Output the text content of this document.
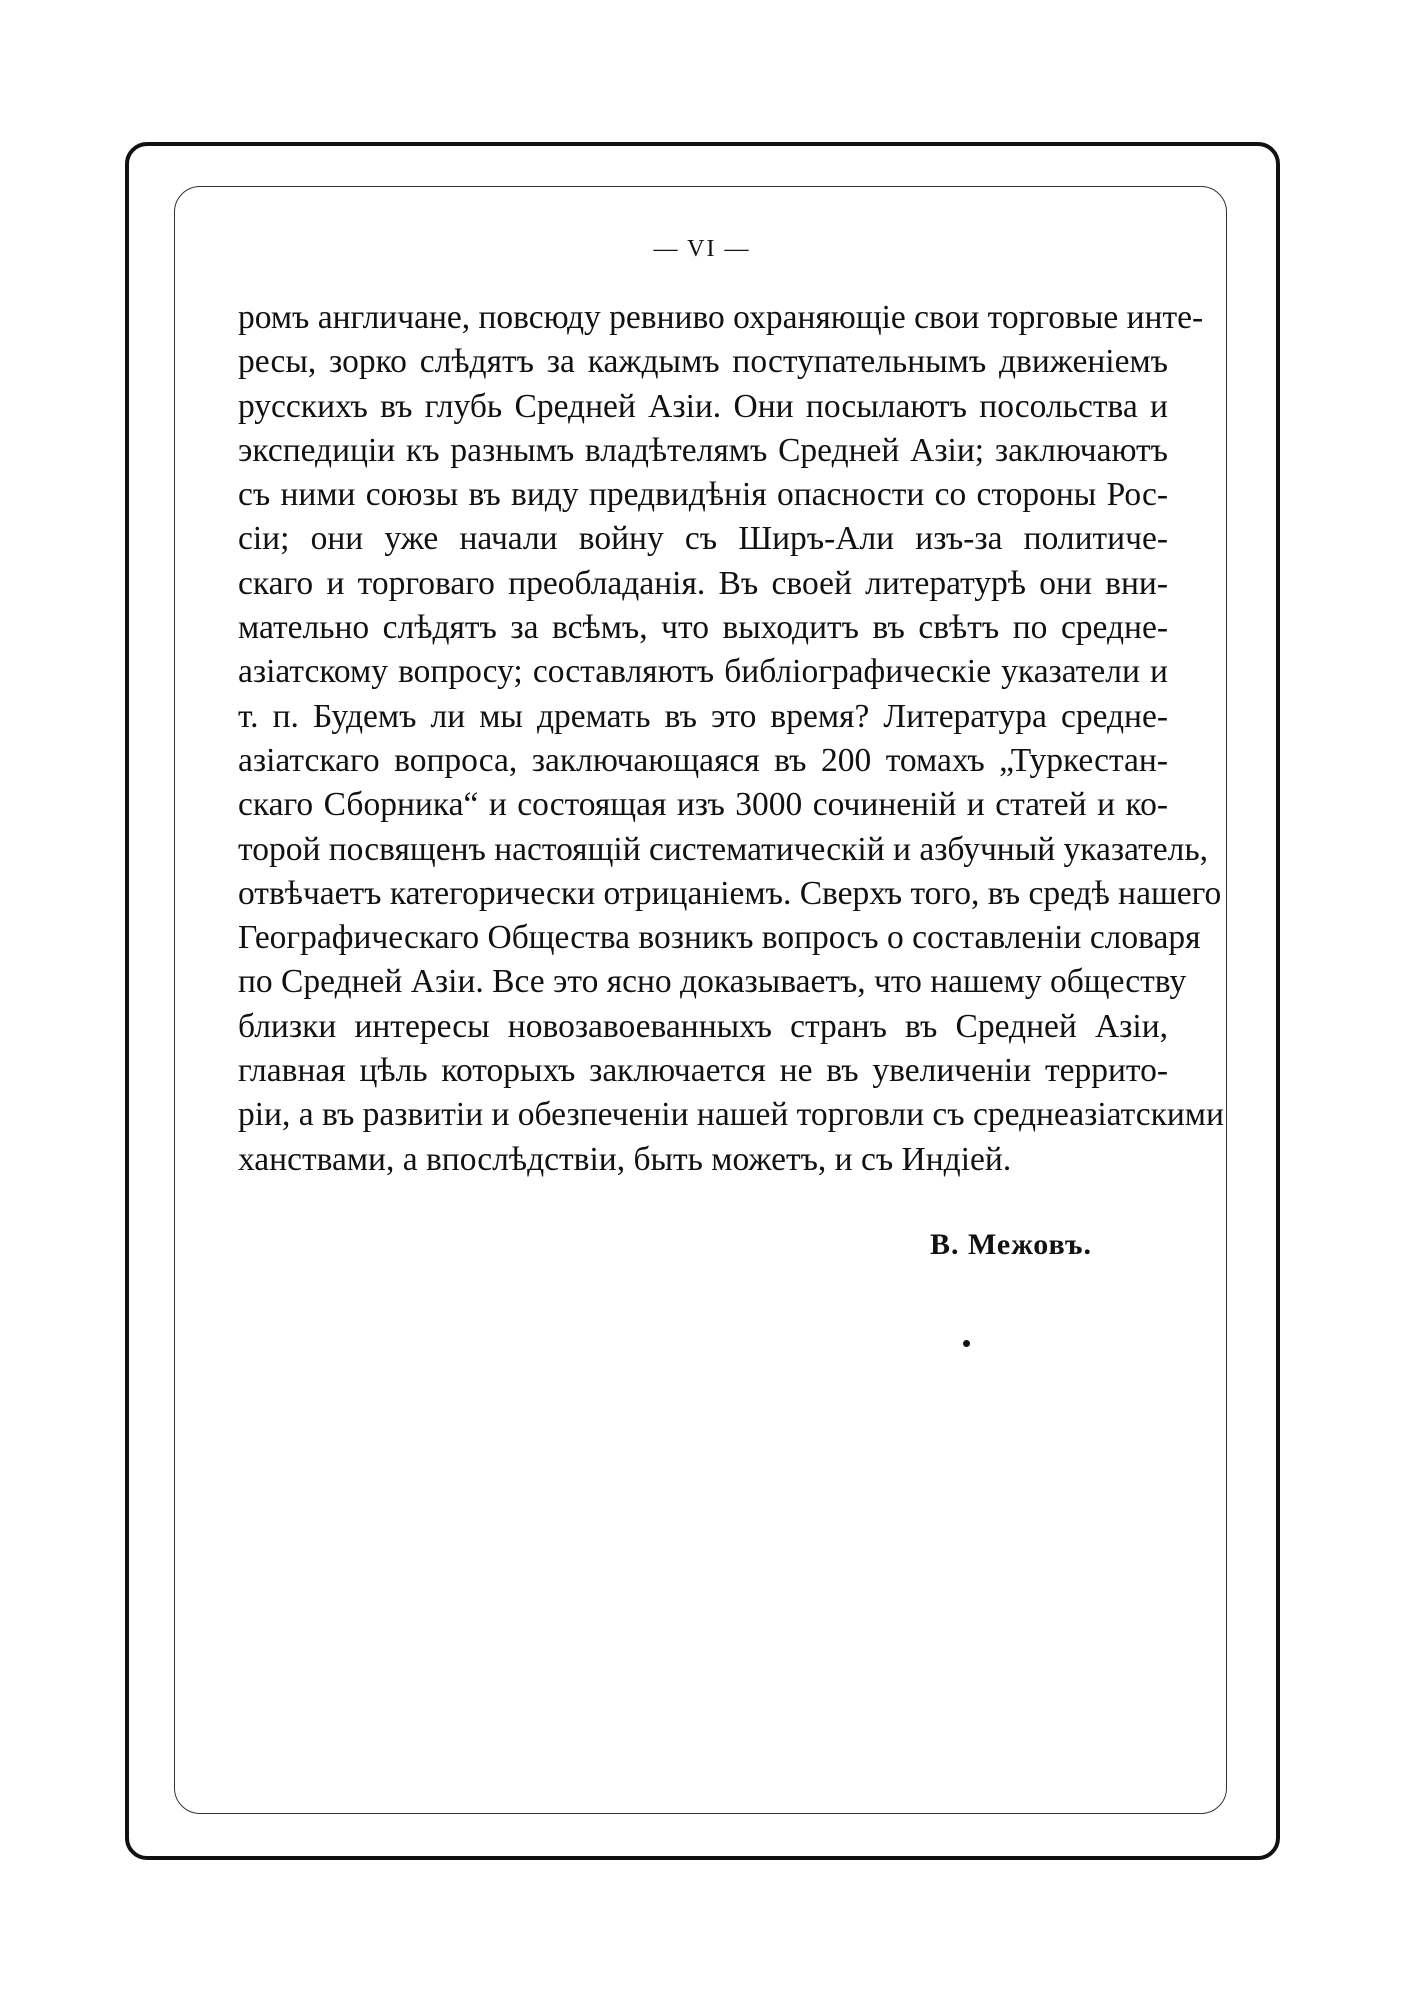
— VI —
ромъ англичане, повсюду ревниво охраняющіе свои торговые инте-
ресы, зорко слѣдятъ за каждымъ поступательнымъ движеніемъ
русскихъ въ глубь Средней Азіи. Они посылаютъ посольства и
экспедиціи къ разнымъ владѣтелямъ Средней Азіи; заключаютъ
съ ними союзы въ виду предвидѣнія опасности со стороны Рос-
сіи; они уже начали войну съ Ширъ-Али изъ-за политиче-
скаго и торговаго преобладанія. Въ своей литературѣ они вни-
мательно слѣдятъ за всѣмъ, что выходитъ въ свѣтъ по средне-
азіатскому вопросу; составляютъ библіографическіе указатели и
т. п. Будемъ ли мы дремать въ это время? Литература средне-
азіатскаго вопроса, заключающаяся въ 200 томахъ „Туркестан-
скаго Сборника“ и состоящая изъ 3000 сочиненій и статей и ко-
торой посвященъ настоящій систематическій и азбучный указатель,
отвѣчаетъ категорически отрицаніемъ. Сверхъ того, въ средѣ нашего
Географическаго Общества возникъ вопросъ о составленіи словаря
по Средней Азіи. Все это ясно доказываетъ, что нашему обществу
близки интересы новозавоеванныхъ странъ въ Средней Азіи,
главная цѣль которыхъ заключается не въ увеличеніи террито-
ріи, а въ развитіи и обезпеченіи нашей торговли съ среднеазіатскими
ханствами, а впослѣдствіи, быть можетъ, и съ Индіей.
В. Межовъ.
